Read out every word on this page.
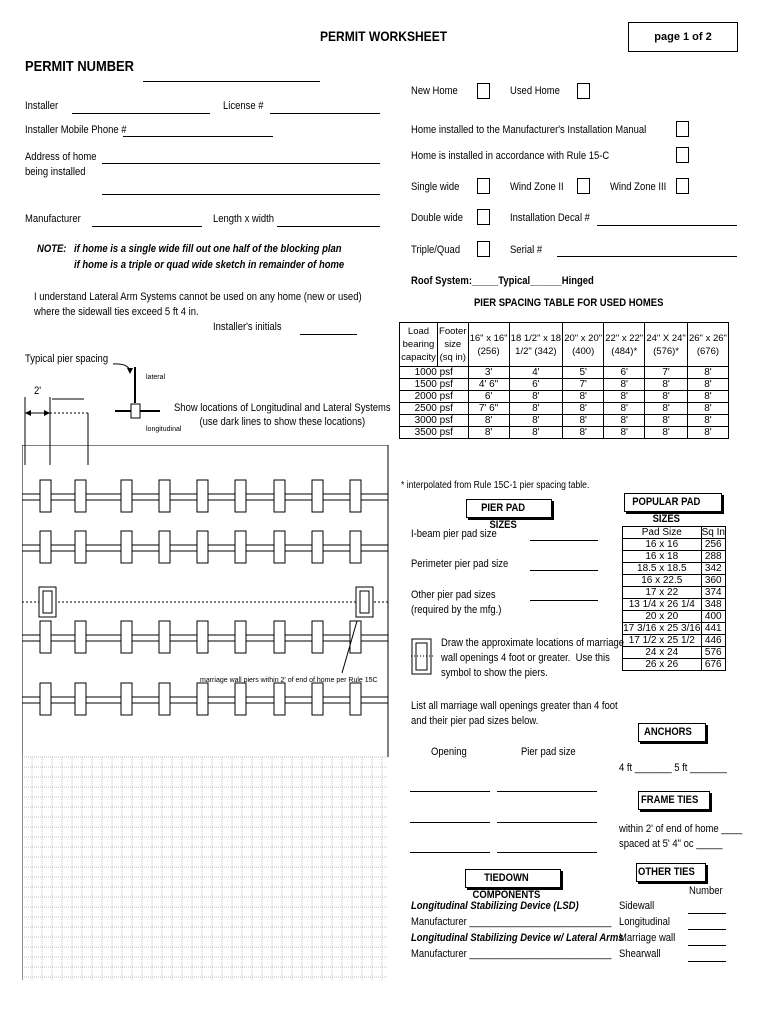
PERMIT WORKSHEET	page 1 of 2
PERMIT NUMBER
Installer	License #
Installer Mobile Phone #
Address of home
being installed
Manufacturer	Length x width
NOTE: if home is a single wide fill out one half of the blocking plan
if home is a triple or quad wide sketch in remainder of home
I understand Lateral Arm Systems cannot be used on any home (new or used)
where the sidewall ties exceed 5 ft 4 in.
Installer's initials
Typical pier spacing
lateral
longitudinal
2'
Show locations of Longitudinal and Lateral Systems
(use dark lines to show these locations)
marriage wall piers within 2' of end of home per Rule 15C
New Home	Used Home
Home installed to the Manufacturer's Installation Manual
Home is installed in accordance with Rule 15-C
Single wide	Wind Zone II	Wind Zone III
Double wide	Installation Decal #
Triple/Quad	Serial #
Roof System:_____Typical______Hinged
PIER SPACING TABLE FOR USED HOMES
Load
bearing
capacity	Footer
size
(sq in)	16" x 16"
(256)	18 1/2" x 18
1/2" (342)	20" x 20"
(400)	22" x 22"
(484)*	24" X 24"
(576)*	26" x 26"
(676)
1000 psf		3'	4'	5'	6'	7'	8'
1500 psf		4' 6"	6'	7'	8'	8'	8'
2000 psf		6'	8'	8'	8'	8'	8'
2500 psf		7' 6"	8'	8'	8'	8'	8'
3000 psf		8'	8'	8'	8'	8'	8'
3500 psf		8'	8'	8'	8'	8'	8'
* interpolated from Rule 15C-1 pier spacing table.
PIER PAD SIZES
POPULAR PAD SIZES
I-beam pier pad size
Perimeter pier pad size
Other pier pad sizes
(required by the mfg.)
Draw the approximate locations of marriage
wall openings 4 foot or greater.  Use this
symbol to show the piers.
List all marriage wall openings greater than 4 foot
and their pier pad sizes below.
Opening	Pier pad size
Pad Size	Sq In
16 x 16	256
16 x 18	288
18.5 x 18.5	342
16 x 22.5	360
17 x 22	374
13 1/4 x 26 1/4	348
20 x 20	400
17 3/16 x 25 3/16	441
17 1/2 x 25 1/2	446
24 x 24	576
26 x 26	676
ANCHORS
4 ft _______ 5 ft _______
FRAME TIES
within 2' of end of home ____
spaced at 5' 4" oc _____
TIEDOWN COMPONENTS
OTHER TIES
Number
Longitudinal Stabilizing Device (LSD)
Manufacturer ___________________________
Longitudinal Stabilizing Device w/ Lateral Arms
Manufacturer ___________________________
Sidewall
Longitudinal
Marriage wall
Shearwall
